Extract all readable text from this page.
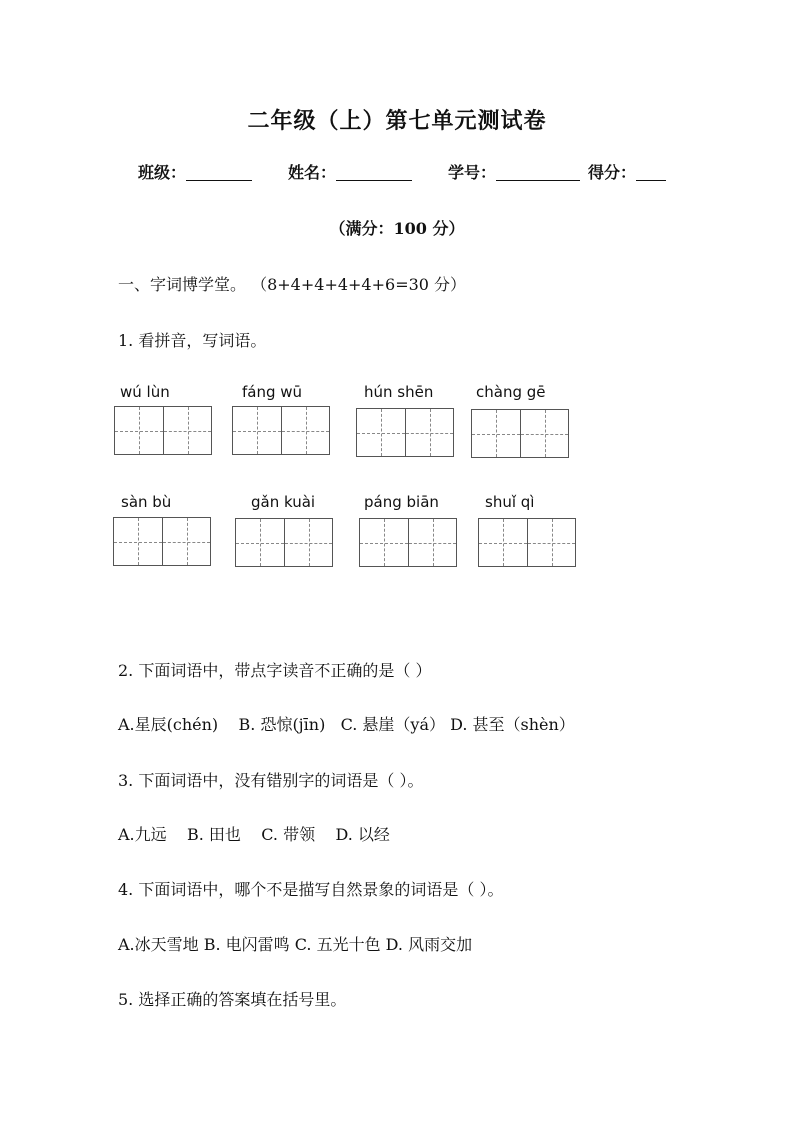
二年级（上）第七单元测试卷
班级：	姓名：	学号：	得分：
（满分：100 分）
一、字词博学堂。 （8+4+4+4+4+6=30 分）
1. 看拼音，写词语。
wú lùn	fáng wū	hún shēn	chàng gē
sàn bù	gǎn kuài	páng biān	shuǐ qì
2. 下面词语中，带点字读音不正确的是（ ）
A.星辰(chén)    B. 恐惊(jīn)   C. 悬崖（yá） D. 甚至（shèn）
3. 下面词语中，没有错别字的词语是（ ）。
A.九远    B. 田也    C. 带领    D. 以经
4. 下面词语中，哪个不是描写自然景象的词语是（ ）。
A.冰天雪地 B. 电闪雷鸣 C. 五光十色 D. 风雨交加
5. 选择正确的答案填在括号里。
